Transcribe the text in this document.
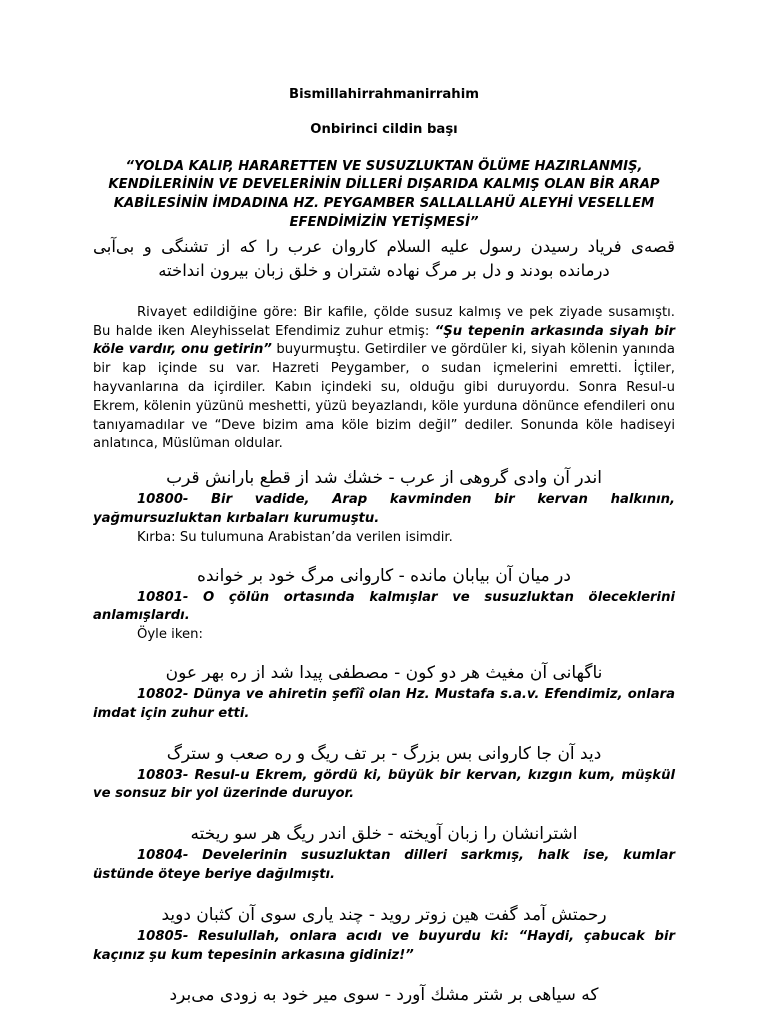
Bismillahirrahmanirrahim
Onbirinci cildin başı
“YOLDA KALIP, HARARETTEN VE SUSUZLUKTAN ÖLÜME HAZIRLANMIŞ, KENDİLERİNİN VE DEVELERİNİN DİLLERİ DIŞARIDA KALMIŞ OLAN BİR ARAP KABİLESİNİN İMDADINA HZ. PEYGAMBER SALLALLAHÜ ALEYHİ VESELLEM EFENDİMİZİN YETİŞMESİ”
قصه‌ی فریاد رسیدن رسول علیه السلام کاروان عرب را که از تشنگی و بی‌آبی درمانده بودند و دل بر مرگ نهاده شتران و خلق زبان بیرون انداخته

Rivayet edildiğine göre: Bir kafile, çölde susuz kalmış ve pek ziyade susamıştı. Bu halde iken Aleyhisselat Efendimiz zuhur etmiş: “Şu tepenin arkasında siyah bir köle vardır, onu getirin” buyurmuştu. Getirdiler ve gördüler ki, siyah kölenin yanında bir kap içinde su var. Hazreti Peygamber, o sudan içmelerini emretti. İçtiler, hayvanlarına da içirdiler. Kabın içindeki su, olduğu gibi duruyordu. Sonra Resul-u Ekrem, kölenin yüzünü meshetti, yüzü beyazlandı, köle yurduna dönünce efendileri onu tanıyamadılar ve “Deve bizim ama köle bizim değil” dediler. Sonunda köle hadiseyi anlatınca, Müslüman oldular.

اندر آن وادی گروهی از عرب - خشك شد از قطع بارانش قرب

10800- Bir vadide, Arap kavminden bir kervan halkının, yağmursuzluktan kırbaları kurumuştu.

Kırba: Su tulumuna Arabistan’da verilen isimdir.

در میان آن بیابان مانده - کاروانی مرگ خود بر خوانده

10801- O çölün ortasında kalmışlar ve susuzluktan öleceklerini anlamışlardı.

Öyle iken:

ناگهانی آن مغیث هر دو کون - مصطفی پیدا شد از ره بهر عون

10802- Dünya ve ahiretin şefîî olan Hz. Mustafa s.a.v. Efendimiz, onlara imdat için zuhur etti.

دید آن جا کاروانی بس بزرگ - بر تف ریگ و ره صعب و سترگ

10803- Resul-u Ekrem, gördü ki, büyük bir kervan, kızgın kum, müşkül ve sonsuz bir yol üzerinde duruyor.

اشترانشان را زبان آویخته - خلق اندر ریگ هر سو ریخته

10804- Develerinin susuzluktan dilleri sarkmış, halk ise, kumlar üstünde öteye beriye dağılmıştı.

رحمتش آمد گفت هین زوتر روید - چند یاری سوی آن کثبان دوید

10805- Resulullah, onlara acıdı ve buyurdu ki: “Haydi, çabucak bir kaçınız şu kum tepesinin arkasına gidiniz!”

که سیاهی بر شتر مشك آورد - سوی میر خود به زودی می‌برد
